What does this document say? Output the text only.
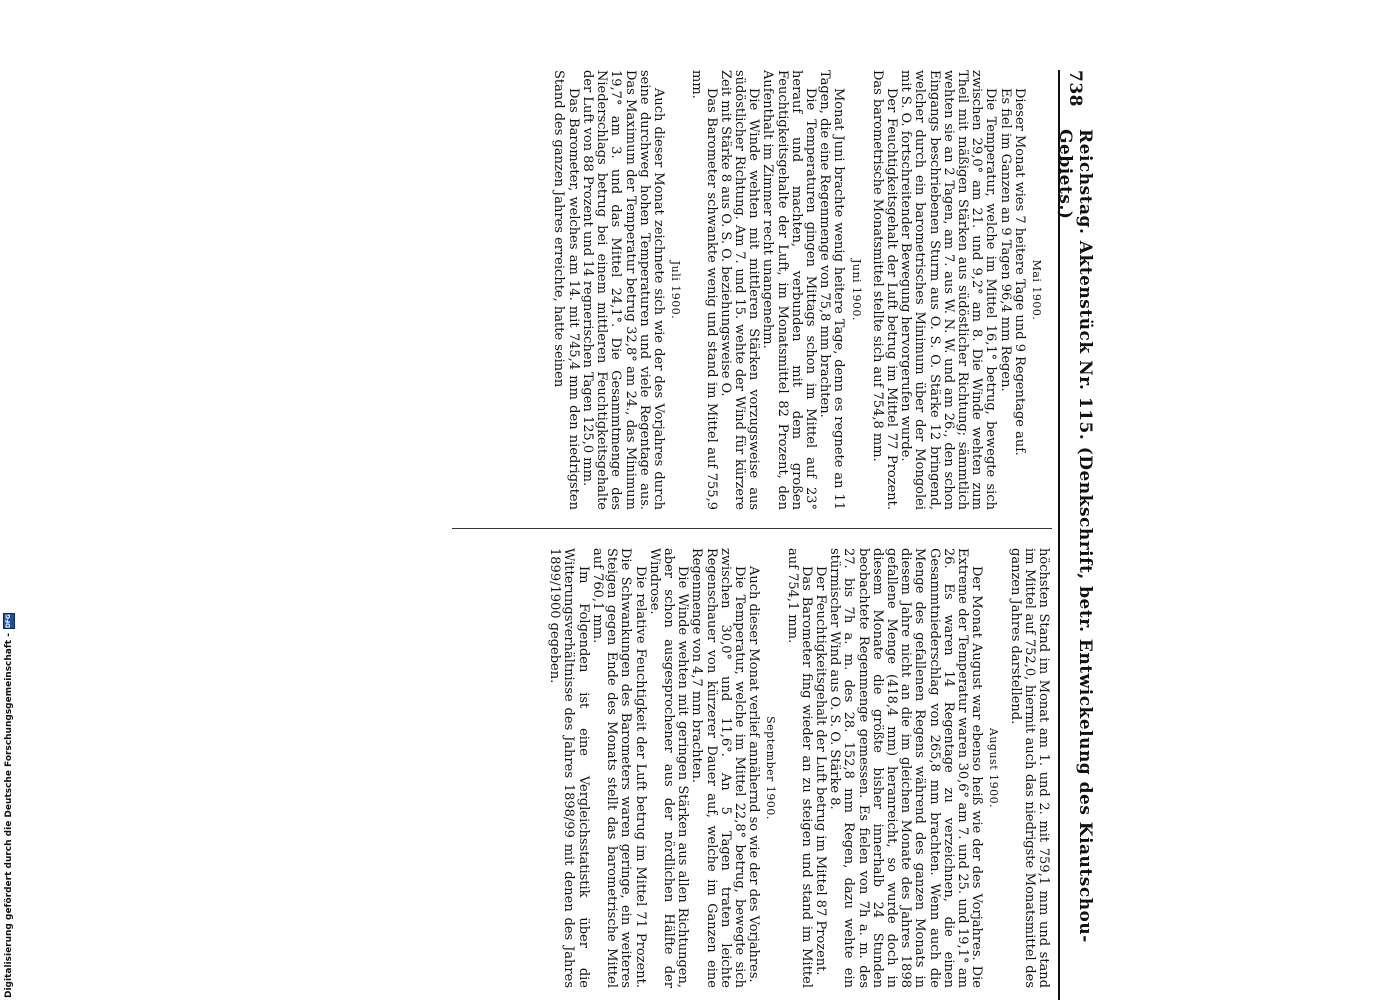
738
Reichstag. Aktenstück Nr. 115. (Denkschrift, betr. Entwickelung des Kiautschou-Gebiets.)
Mai 1900.

Dieser Monat wies 7 heitere Tage und 9 Regentage auf.

Es fiel im Ganzen an 9 Tagen 96,4 mm Regen.

Die Temperatur, welche im Mittel 16,1° betrug, bewegte sich zwischen 29,0° am 21. und 9,2° am 8. Die Winde wehten zum Theil mit mäßigen Stärken aus südöstlicher Richtung; sämmtlich wehten sie an 2 Tagen, am 7. aus W. N. W. und am 26., den schon Eingangs beschriebenen Sturm aus O. S. O. Stärke 12 bringend, welcher durch ein barometrisches Minimum über der Mongolei mit S. O. fortschreitender Bewegung hervorgerufen wurde.

Der Feuchtigkeitsgehalt der Luft betrug im Mittel 77 Prozent. Das barometrische Monatsmittel stellte sich auf 754,8 mm.

Juni 1900.

Monat Juni brachte wenig heitere Tage, denn es regnete an 11 Tagen, die eine Regenmenge von 75,8 mm brachten.

Die Temperaturen gingen Mittags schon im Mittel auf 23° herauf und machten, verbunden mit dem großen Feuchtigkeitsgehalte der Luft, im Monatsmittel 82 Prozent, den Aufenthalt im Zimmer recht unangenehm.

Die Winde wehten mit mittleren Stärken vorzugsweise aus südöstlicher Richtung. Am 7. und 15. wehte der Wind für kürzere Zeit mit Stärke 8 aus O. S. O. beziehungsweise O.

Das Barometer schwankte wenig und stand im Mittel auf 755,9 mm.

Juli 1900.

Auch dieser Monat zeichnete sich wie der des Vorjahres durch seine durchweg hohen Temperaturen und viele Regentage aus. Das Maximum der Temperatur betrug 32,8° am 24., das Minimum 19,7° am 3. und das Mittel 24,1°. Die Gesammtmenge des Niederschlags betrug bei einem mittleren Feuchtigkeitsgehalte der Luft von 88 Prozent und 14 regnerischen Tagen 125,0 mm.

Das Barometer, welches am 14. mit 745,4 mm den niedrigsten Stand des ganzen Jahres erreichte, hatte seinen

höchsten Stand im Monat am 1. und 2. mit 759,1 mm und stand im Mittel auf 752,0, hiermit auch das niedrigste Monatsmittel des ganzen Jahres darstellend.

August 1900.

Der Monat August war ebenso heiß wie der des Vorjahres. Die Extreme der Temperatur waren 30,6° am 7. und 25. und 19,1° am 26. Es waren 14 Regentage zu verzeichnen, die einen Gesammtniederschlag von 265,8 mm brachten. Wenn auch die Menge des gefallenen Regens während des ganzen Monats in diesem Jahre nicht an die im gleichen Monate des Jahres 1898 gefallene Menge (418,4 mm) heranreicht, so wurde doch in diesem Monate die größte bisher innerhalb 24 Stunden beobachtete Regenmenge gemessen. Es fielen von 7h a. m. des 27. bis 7h a. m. des 28. 152,8 mm Regen, dazu wehte ein stürmischer Wind aus O. S. O. Stärke 8.

Der Feuchtigkeitsgehalt der Luft betrug im Mittel 87 Prozent.

Das Barometer fing wieder an zu steigen und stand im Mittel auf 754,1 mm.

September 1900.

Auch dieser Monat verlief annähernd so wie der des Vorjahres.

Die Temperatur, welche im Mittel 22,8° betrug, bewegte sich zwischen 30,0° und 11,6°. An 5 Tagen traten leichte Regenschauer von kürzerer Dauer auf, welche im Ganzen eine Regenmenge von 4,7 mm brachten.

Die Winde wehten mit geringen Stärken aus allen Richtungen, aber schon ausgesprochener aus der nördlichen Hälfte der Windrose.

Die relative Feuchtigkeit der Luft betrug im Mittel 71 Prozent. Die Schwankungen des Barometers waren geringe, ein weiteres Steigen gegen Ende des Monats stellt das barometrische Mittel auf 760,1 mm.

Im Folgenden ist eine Vergleichsstatistik über die Witterungsverhältnisse des Jahres 1898/99 mit denen des Jahres 1899/1900 gegeben.

Digitalisierung gefördert durch die Deutsche Forschungsgemeinschaft -
DFG
